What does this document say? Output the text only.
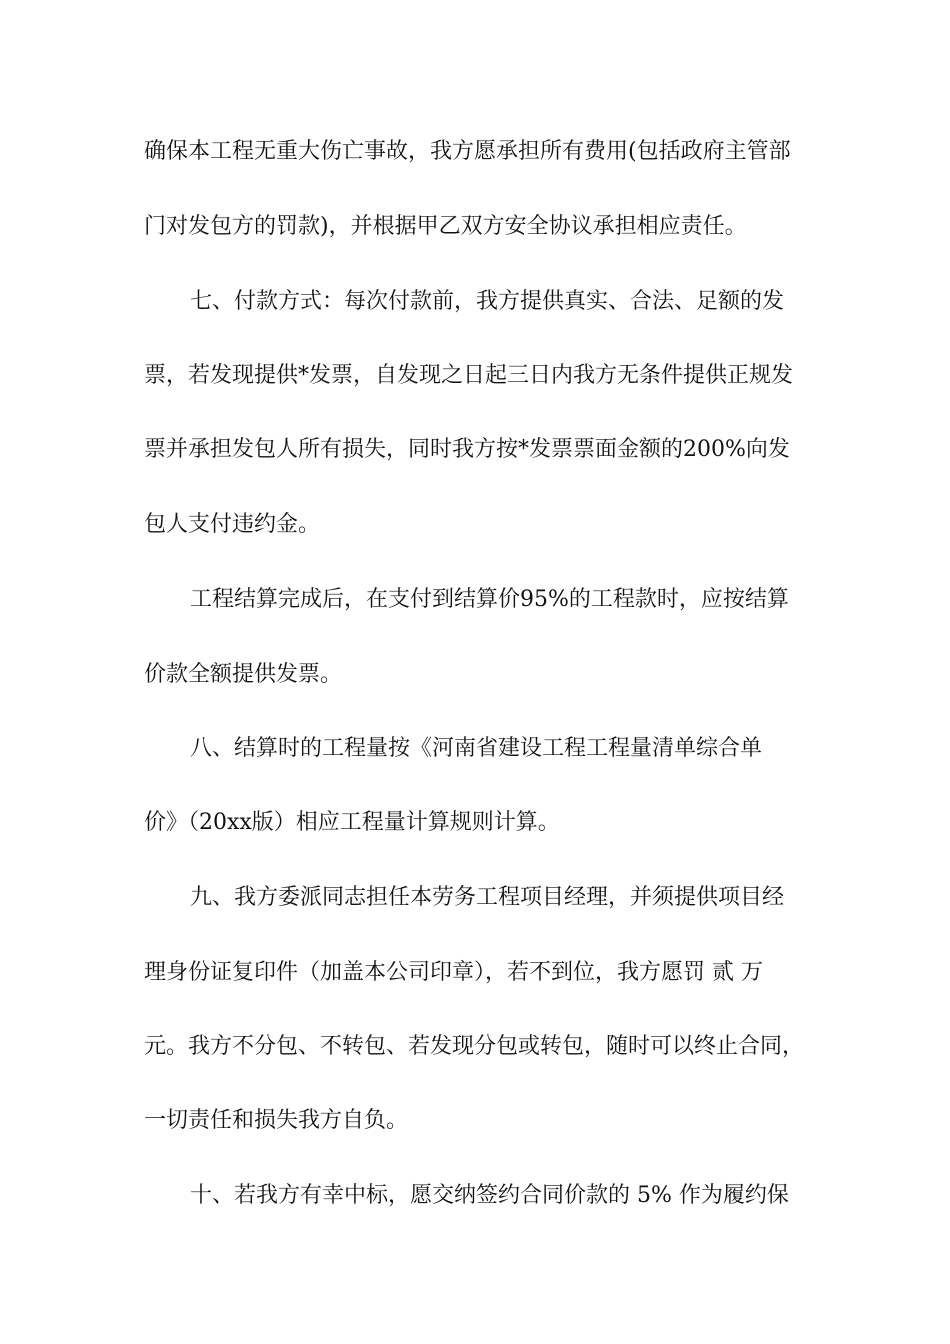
确保本工程无重大伤亡事故，我方愿承担所有费用(包括政府主管部
门对发包方的罚款)，并根据甲乙双方安全协议承担相应责任。
七、付款方式：每次付款前，我方提供真实、合法、足额的发
票，若发现提供*发票，自发现之日起三日内我方无条件提供正规发
票并承担发包人所有损失，同时我方按*发票票面金额的200%向发
包人支付违约金。
工程结算完成后，在支付到结算价95%的工程款时，应按结算
价款全额提供发票。
八、结算时的工程量按《河南省建设工程工程量清单综合单
价》（20xx版）相应工程量计算规则计算。
九、我方委派同志担任本劳务工程项目经理，并须提供项目经
理身份证复印件（加盖本公司印章），若不到位，我方愿罚 贰 万
元。我方不分包、不转包、若发现分包或转包，随时可以终止合同，
一切责任和损失我方自负。
十、若我方有幸中标，愿交纳签约合同价款的 5% 作为履约保
